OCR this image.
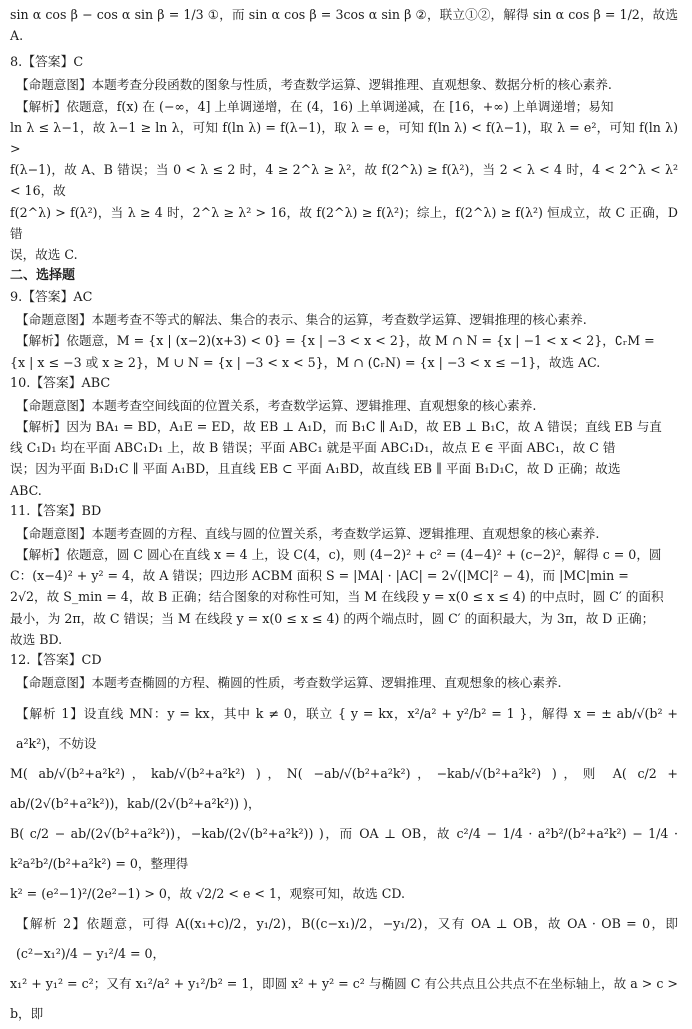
sin α cos β − cos α sin β = 1/3 ①，而 sin α cos β = 3cos α sin β ②，联立①②，解得 sin α cos β = 1/2，故选 A.

8.【答案】C

【命题意图】本题考查分段函数的图象与性质，考查数学运算、逻辑推理、直观想象、数据分析的核心素养.

【解析】依题意，f(x) 在 (−∞，4] 上单调递增，在 (4，16) 上单调递减，在 [16，+∞) 上单调递增；易知

ln λ ≤ λ−1，故 λ−1 ≥ ln λ，可知 f(ln λ) = f(λ−1)，取 λ = e，可知 f(ln λ) < f(λ−1)，取 λ = e²，可知 f(ln λ) >

f(λ−1)，故 A、B 错误；当 0 < λ ≤ 2 时，4 ≥ 2^λ ≥ λ²，故 f(2^λ) ≥ f(λ²)，当 2 < λ < 4 时，4 < 2^λ < λ² < 16，故

f(2^λ) > f(λ²)，当 λ ≥ 4 时，2^λ ≥ λ² > 16，故 f(2^λ) ≥ f(λ²)；综上，f(2^λ) ≥ f(λ²) 恒成立，故 C 正确，D 错

误，故选 C.

二、选择题

9.【答案】AC

【命题意图】本题考查不等式的解法、集合的表示、集合的运算，考查数学运算、逻辑推理的核心素养.

【解析】依题意，M = {x | (x−2)(x+3) < 0} = {x | −3 < x < 2}，故 M ∩ N = {x | −1 < x < 2}，∁ᵣM =

{x | x ≤ −3 或 x ≥ 2}，M ∪ N = {x | −3 < x < 5}，M ∩ (∁ᵣN) = {x | −3 < x ≤ −1}，故选 AC.

10.【答案】ABC

【命题意图】本题考查空间线面的位置关系，考查数学运算、逻辑推理、直观想象的核心素养.

【解析】因为 BA₁ = BD，A₁E = ED，故 EB ⊥ A₁D，而 B₁C ∥ A₁D，故 EB ⊥ B₁C，故 A 错误；直线 EB 与直

线 C₁D₁ 均在平面 ABC₁D₁ 上，故 B 错误；平面 ABC₁ 就是平面 ABC₁D₁，故点 E ∈ 平面 ABC₁，故 C 错

误；因为平面 B₁D₁C ∥ 平面 A₁BD，且直线 EB ⊂ 平面 A₁BD，故直线 EB ∥ 平面 B₁D₁C，故 D 正确；故选

ABC.

11.【答案】BD

【命题意图】本题考查圆的方程、直线与圆的位置关系，考查数学运算、逻辑推理、直观想象的核心素养.

【解析】依题意，圆 C 圆心在直线 x = 4 上，设 C(4，c)，则 (4−2)² + c² = (4−4)² + (c−2)²，解得 c = 0，圆

C：(x−4)² + y² = 4，故 A 错误；四边形 ACBM 面积 S = |MA| · |AC| = 2√(|MC|² − 4)，而 |MC|min =

2√2，故 S_min = 4，故 B 正确；结合图象的对称性可知，当 M 在线段 y = x(0 ≤ x ≤ 4) 的中点时，圆 C′ 的面积

最小，为 2π，故 C 错误；当 M 在线段 y = x(0 ≤ x ≤ 4) 的两个端点时，圆 C′ 的面积最大，为 3π，故 D 正确；

故选 BD.

12.【答案】CD

【命题意图】本题考查椭圆的方程、椭圆的性质，考查数学运算、逻辑推理、直观想象的核心素养.

【解析 1】设直线 MN：y = kx，其中 k ≠ 0，联立 { y = kx，x²/a² + y²/b² = 1 }，解得 x = ± ab/√(b² + a²k²)，不妨设

M( ab/√(b²+a²k²)，kab/√(b²+a²k²) )，N( −ab/√(b²+a²k²)，−kab/√(b²+a²k²) )，则 A( c/2 + ab/(2√(b²+a²k²))，kab/(2√(b²+a²k²)) )，

B( c/2 − ab/(2√(b²+a²k²))，−kab/(2√(b²+a²k²)) )，而 OA ⊥ OB，故 c²/4 − 1/4 · a²b²/(b²+a²k²) − 1/4 · k²a²b²/(b²+a²k²) = 0，整理得

k² = (e²−1)²/(2e²−1) > 0，故 √2/2 < e < 1，观察可知，故选 CD.

【解析 2】依题意，可得 A((x₁+c)/2，y₁/2)，B((c−x₁)/2，−y₁/2)，又有 OA ⊥ OB，故 OA · OB = 0，即 (c²−x₁²)/4 − y₁²/4 = 0，

x₁² + y₁² = c²；又有 x₁²/a² + y₁²/b² = 1，即圆 x² + y² = c² 与椭圆 C 有公共点且公共点不在坐标轴上，故 a > c > b，即
